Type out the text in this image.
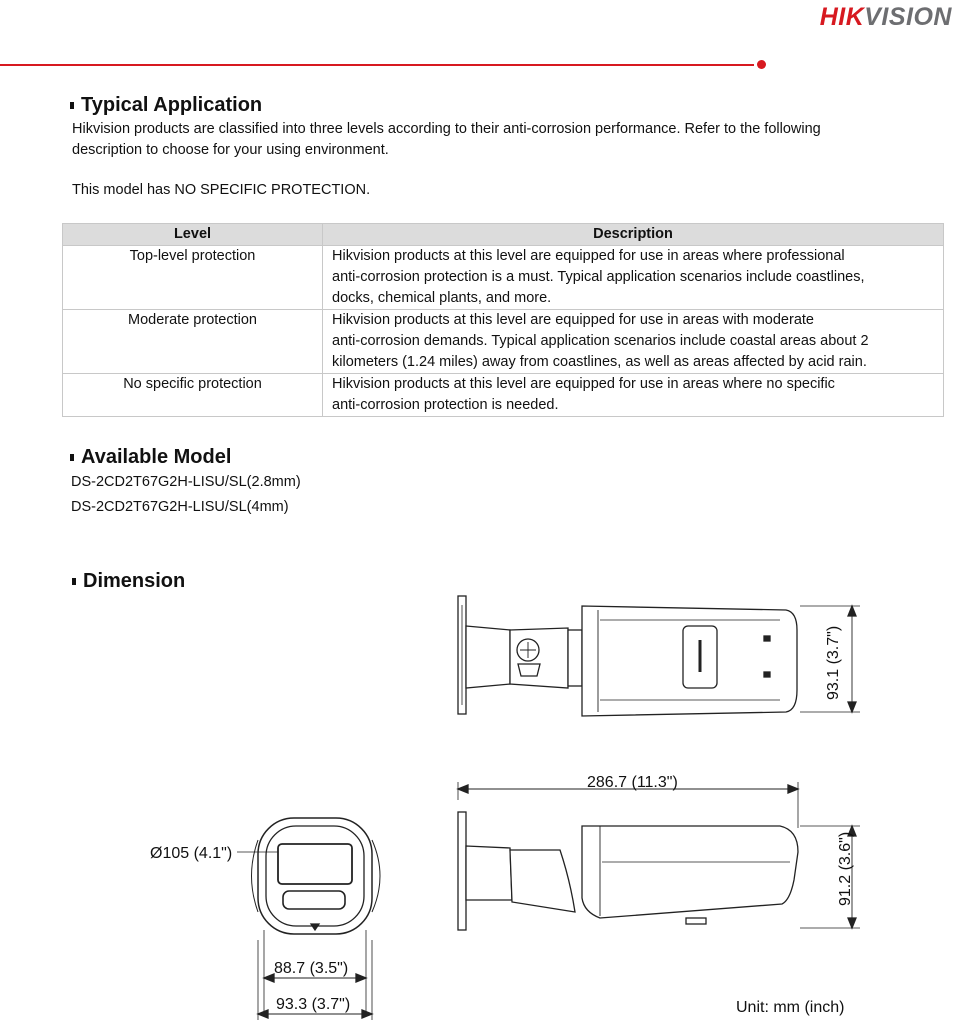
HIKVISION
Typical Application
Hikvision products are classified into three levels according to their anti-corrosion performance. Refer to the following
description to choose for your using environment.
This model has NO SPECIFIC PROTECTION.
Level	Description
Top-level protection	Hikvision products at this level are equipped for use in areas where professional
anti-corrosion protection is a must. Typical application scenarios include coastlines,
docks, chemical plants, and more.

Moderate protection	Hikvision products at this level are equipped for use in areas with moderate
anti-corrosion demands. Typical application scenarios include coastal areas about 2
kilometers (1.24 miles) away from coastlines, as well as areas affected by acid rain.

No specific protection	Hikvision products at this level are equipped for use in areas where no specific
anti-corrosion protection is needed.
Available Model
DS-2CD2T67G2H-LISU/SL(2.8mm)
DS-2CD2T67G2H-LISU/SL(4mm)
Dimension
93.1 (3.7")
286.7 (11.3")
91.2 (3.6")
Ø105 (4.1")
88.7 (3.5")
93.3 (3.7")	Unit: mm (inch)
